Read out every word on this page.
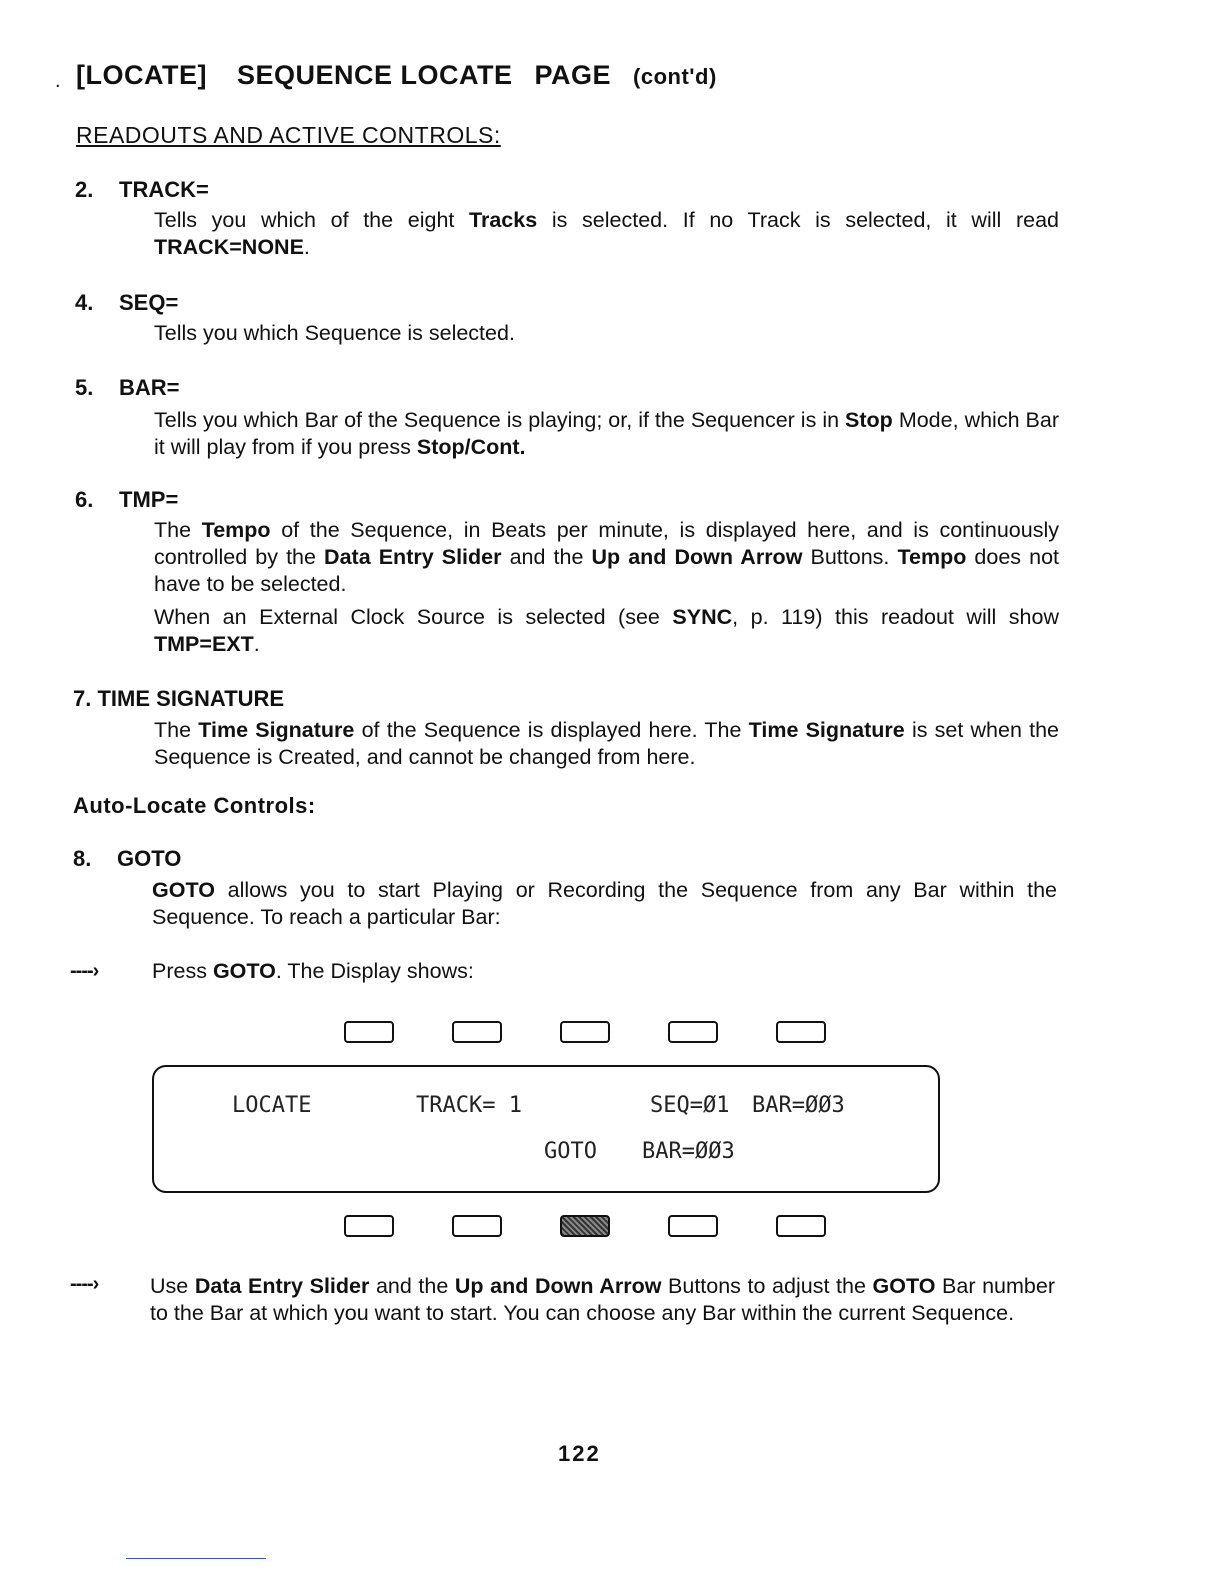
. [LOCATE] SEQUENCE LOCATE PAGE (cont'd)
READOUTS AND ACTIVE CONTROLS:
2. TRACK=
Tells you which of the eight Tracks is selected. If no Track is selected, it will read TRACK=NONE.
4. SEQ=
Tells you which Sequence is selected.
5. BAR=
Tells you which Bar of the Sequence is playing; or, if the Sequencer is in Stop Mode, which Bar it will play from if you press Stop/Cont.
6. TMP=
The Tempo of the Sequence, in Beats per minute, is displayed here, and is continuously controlled by the Data Entry Slider and the Up and Down Arrow Buttons. Tempo does not have to be selected.
When an External Clock Source is selected (see SYNC, p. 119) this readout will show TMP=EXT.
7. TIME SIGNATURE
The Time Signature of the Sequence is displayed here. The Time Signature is set when the Sequence is Created, and cannot be changed from here.
Auto-Locate Controls:
8. GOTO
GOTO allows you to start Playing or Recording the Sequence from any Bar within the Sequence. To reach a particular Bar:
----› Press GOTO. The Display shows:
LOCATE	TRACK= 1	SEQ=Ø1 BAR=ØØ3
GOTO BAR=ØØ3
----› Use Data Entry Slider and the Up and Down Arrow Buttons to adjust the GOTO Bar number to the Bar at which you want to start. You can choose any Bar within the current Sequence.
122
